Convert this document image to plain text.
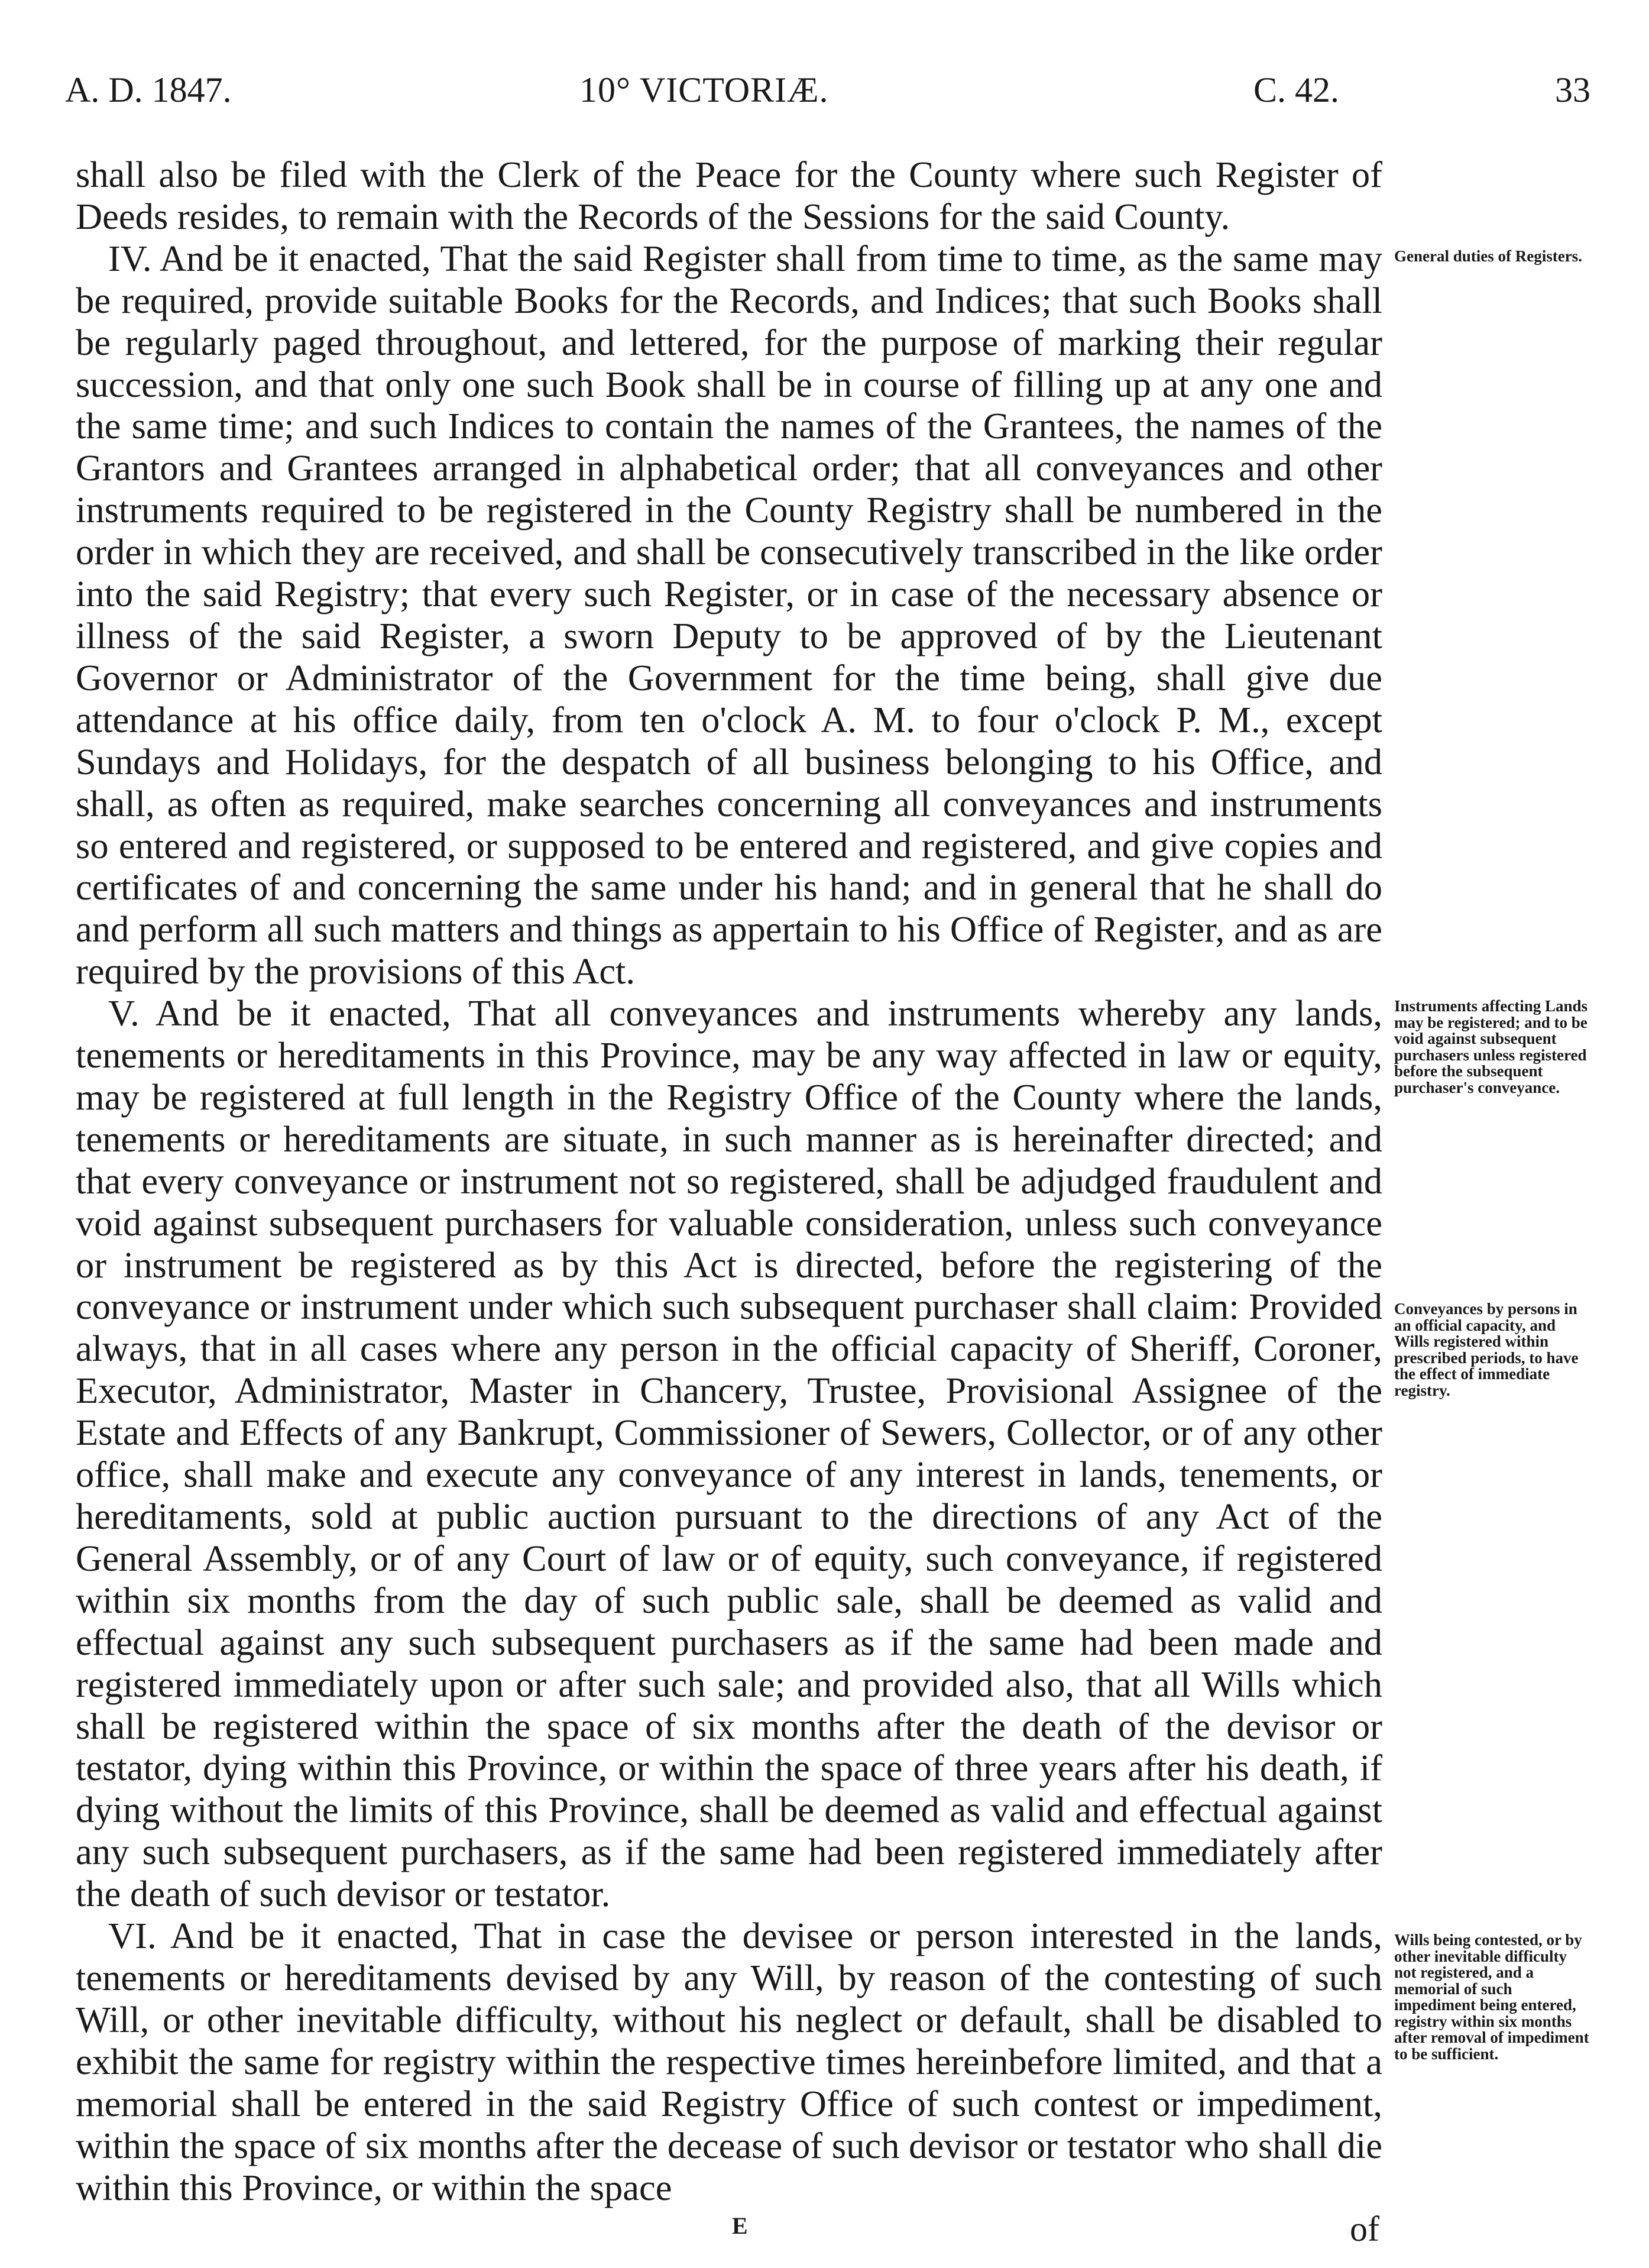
A. D. 1847.	10° VICTORIÆ.	C. 42.	33

shall also be filed with the Clerk of the Peace for the County where such Register of Deeds resides, to remain with the Records of the Sessions for the said County.

IV. And be it enacted, That the said Register shall from time to time, as the same may be required, provide suitable Books for the Records, and Indices; that such Books shall be regularly paged throughout, and lettered, for the purpose of marking their regular succession, and that only one such Book shall be in course of filling up at any one and the same time; and such Indices to contain the names of the Grantees, the names of the Grantors and Grantees arranged in alphabetical order; that all conveyances and other instruments required to be registered in the County Registry shall be numbered in the order in which they are received, and shall be consecutively transcribed in the like order into the said Registry; that every such Register, or in case of the necessary absence or illness of the said Register, a sworn Deputy to be approved of by the Lieutenant Governor or Administrator of the Government for the time being, shall give due attendance at his office daily, from ten o'clock A. M. to four o'clock P. M., except Sundays and Holidays, for the despatch of all business belonging to his Office, and shall, as often as required, make searches concerning all conveyances and instruments so entered and registered, or supposed to be entered and registered, and give copies and certificates of and concerning the same under his hand; and in general that he shall do and perform all such matters and things as appertain to his Office of Register, and as are required by the provisions of this Act.

V. And be it enacted, That all conveyances and instruments whereby any lands, tenements or hereditaments in this Province, may be any way affected in law or equity, may be registered at full length in the Registry Office of the County where the lands, tenements or hereditaments are situate, in such manner as is hereinafter directed; and that every conveyance or instrument not so registered, shall be adjudged fraudulent and void against subsequent purchasers for valuable consideration, unless such conveyance or instrument be registered as by this Act is directed, before the registering of the conveyance or instrument under which such subsequent purchaser shall claim: Provided always, that in all cases where any person in the official capacity of Sheriff, Coroner, Executor, Administrator, Master in Chancery, Trustee, Provisional Assignee of the Estate and Effects of any Bankrupt, Commissioner of Sewers, Collector, or of any other office, shall make and execute any conveyance of any interest in lands, tenements, or hereditaments, sold at public auction pursuant to the directions of any Act of the General Assembly, or of any Court of law or of equity, such conveyance, if registered within six months from the day of such public sale, shall be deemed as valid and effectual against any such subsequent purchasers as if the same had been made and registered immediately upon or after such sale; and provided also, that all Wills which shall be registered within the space of six months after the death of the devisor or testator, dying within this Province, or within the space of three years after his death, if dying without the limits of this Province, shall be deemed as valid and effectual against any such subsequent purchasers, as if the same had been registered immediately after the death of such devisor or testator.

VI. And be it enacted, That in case the devisee or person interested in the lands, tenements or hereditaments devised by any Will, by reason of the contesting of such Will, or other inevitable difficulty, without his neglect or default, shall be disabled to exhibit the same for registry within the respective times hereinbefore limited, and that a memorial shall be entered in the said Registry Office of such contest or impediment, within the space of six months after the decease of such devisor or testator who shall die within this Province, or within the space

General duties of Registers.
Instruments affecting Lands may be registered; and to be void against subsequent purchasers unless registered before the subsequent purchaser's conveyance.
Conveyances by persons in an official capacity, and Wills registered within prescribed periods, to have the effect of immediate registry.
Wills being contested, or by other inevitable difficulty not registered, and a memorial of such impediment being entered, registry within six months after removal of impediment to be sufficient.
E	of
